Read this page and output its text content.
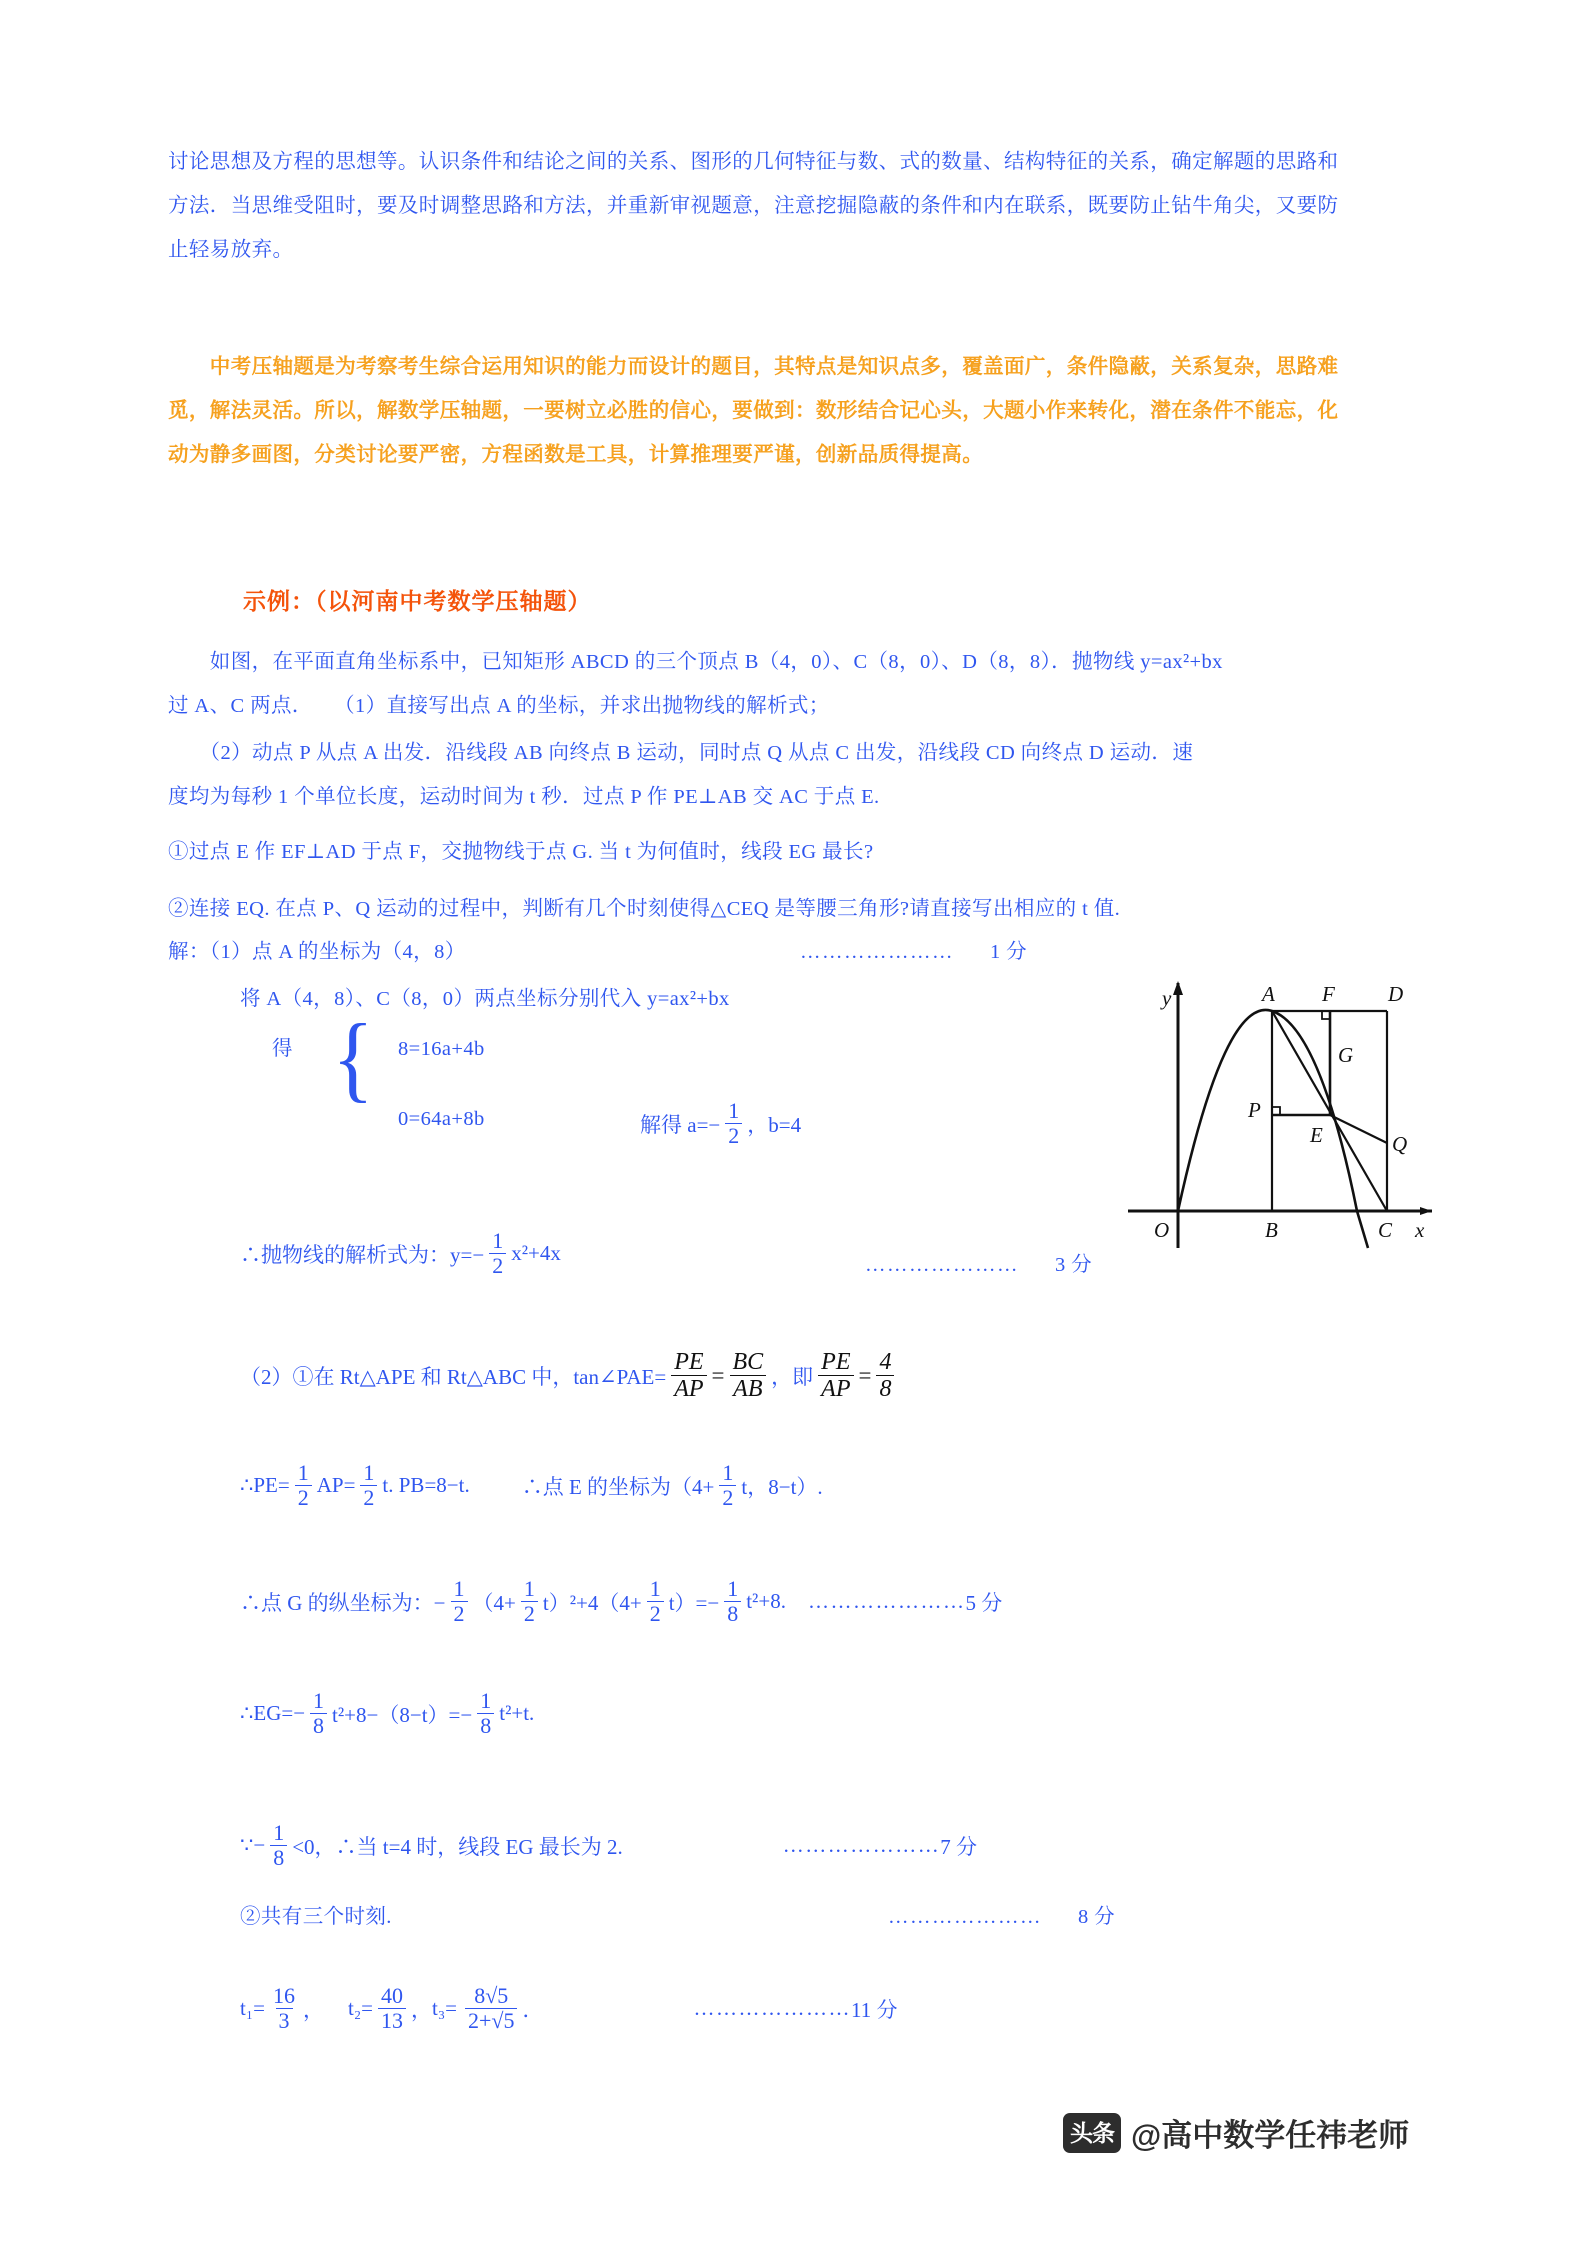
讨论思想及方程的思想等。认识条件和结论之间的关系、图形的几何特征与数、式的数量、结构特征的关系，确定解题的思路和方法．当思维受阻时，要及时调整思路和方法，并重新审视题意，注意挖掘隐蔽的条件和内在联系，既要防止钻牛角尖，又要防止轻易放弃。
　　中考压轴题是为考察考生综合运用知识的能力而设计的题目，其特点是知识点多，覆盖面广，条件隐蔽，关系复杂，思路难觅，解法灵活。所以，解数学压轴题，一要树立必胜的信心，要做到：数形结合记心头，大题小作来转化，潜在条件不能忘，化动为静多画图，分类讨论要严密，方程函数是工具，计算推理要严谨，创新品质得提高。
示例：（以河南中考数学压轴题）
　　如图，在平面直角坐标系中，已知矩形 ABCD 的三个顶点 B（4，0）、C（8，0）、D（8，8）．抛物线 y=ax²+bx
过 A、C 两点．　　（1）直接写出点 A 的坐标，并求出抛物线的解析式；
　　（2）动点 P 从点 A 出发．沿线段 AB 向终点 B 运动，同时点 Q 从点 C 出发，沿线段 CD 向终点 D 运动．速
度均为每秒 1 个单位长度，运动时间为 t 秒．过点 P 作 PE⊥AB 交 AC 于点 E.
①过点 E 作 EF⊥AD 于点 F，交抛物线于点 G. 当 t 为何值时，线段 EG 最长?
②连接 EQ. 在点 P、Q 运动的过程中，判断有几个时刻使得△CEQ 是等腰三角形?请直接写出相应的 t 值.
解：（1）点 A 的坐标为（4，8）	………………… 1 分
将 A（4，8）、C（8，0）两点坐标分别代入 y=ax²+bx
得 { 8=16a+4b
0=64a+8b	解得 $a=- \frac{1}{2}$ ，b=4
∴抛物线的解析式为：$y=- \frac{1}{2} x^2+4x$	………………… 3 分
A F	D
G
P
E	Q
O	B	C
y
x
（2）①在 Rt△APE 和 Rt△ABC 中，tan∠PAE= $\frac{PE}{AP} = \frac{BC}{AB}$ ，即 $\frac{PE}{AP} = \frac{4}{8}$
∴PE= $\frac{1}{2} AP= \frac{1}{2} t$. PB=8−t. ∴点 E 的坐标为（$4+ \frac{1}{2}$ t，8−t）.
∴点 G 的纵坐标为：− $\frac{1}{2} (4+ \frac{1}{2} t)^2+4(4+ \frac{1}{2} t)=- \frac{1}{8} t^2+8$. ………………… 5 分
∴EG=− $\frac{1}{8} t^2+8-(8-t)=- \frac{1}{8} t^2+t$.
∵− $\frac{1}{8} <0$，∴当 t=4 时，线段 EG 最长为 2.	………………… 7 分
②共有三个时刻.	………………… 8 分
$t_1= \frac{16}{3}$ ， $t_2= \frac{40}{13}$ ， $t_3= \frac{8√5}{2+√5}$ ．	………………… 11 分
头条 @高中数学任祎老师
